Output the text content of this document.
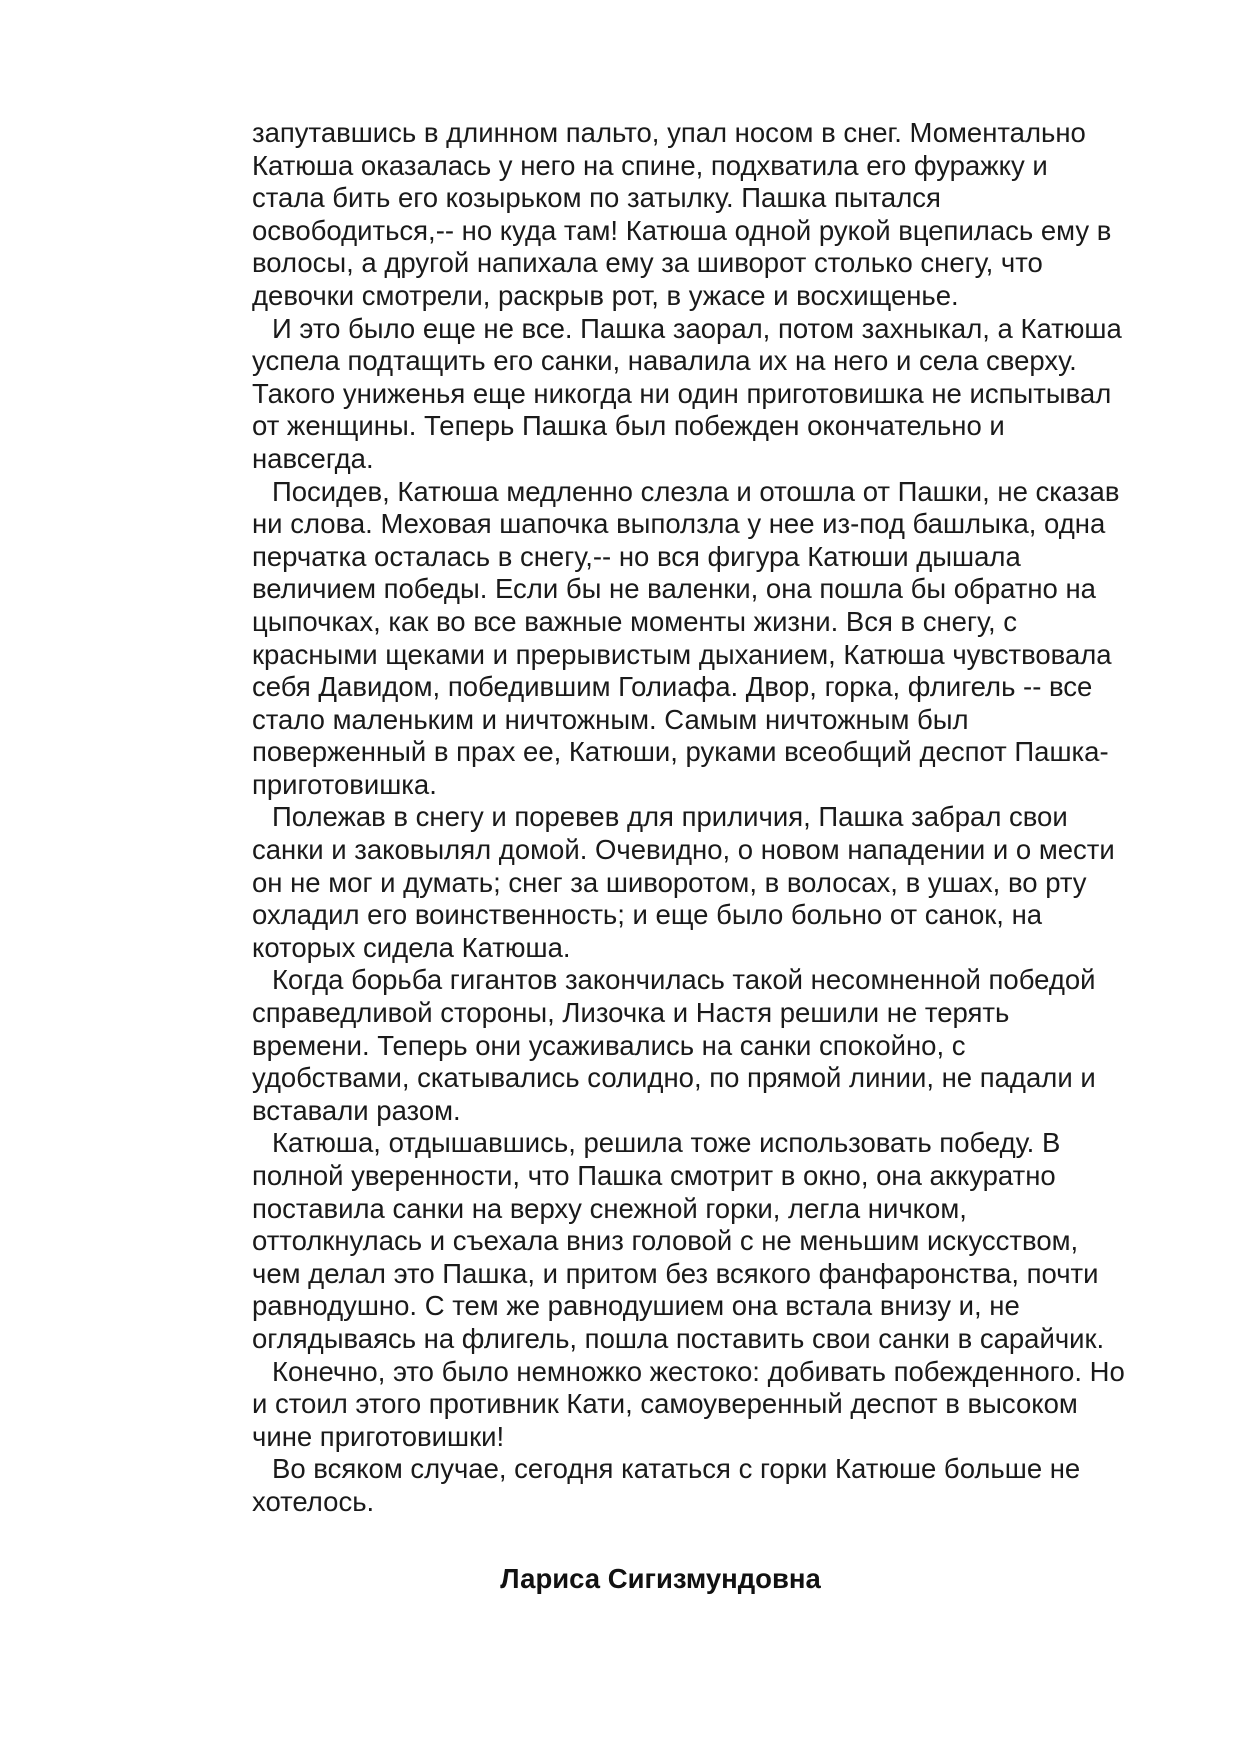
запутавшись в длинном пальто, упал носом в снег. Моментально
Катюша оказалась у него на спине, подхватила его фуражку и
стала бить его козырьком по затылку. Пашка пытался
освободиться,-- но куда там! Катюша одной рукой вцепилась ему в
волосы, а другой напихала ему за шиворот столько снегу, что
девочки смотрели, раскрыв рот, в ужасе и восхищенье.
И это было еще не все. Пашка заорал, потом захныкал, а Катюша
успела подтащить его санки, навалила их на него и села сверху.
Такого униженья еще никогда ни один приготовишка не испытывал
от женщины. Теперь Пашка был побежден окончательно и
навсегда.
Посидев, Катюша медленно слезла и отошла от Пашки, не сказав
ни слова. Меховая шапочка выползла у нее из-под башлыка, одна
перчатка осталась в снегу,-- но вся фигура Катюши дышала
величием победы. Если бы не валенки, она пошла бы обратно на
цыпочках, как во все важные моменты жизни. Вся в снегу, с
красными щеками и прерывистым дыханием, Катюша чувствовала
себя Давидом, победившим Голиафа. Двор, горка, флигель -- все
стало маленьким и ничтожным. Самым ничтожным был
поверженный в прах ее, Катюши, руками всеобщий деспот Пашка-
приготовишка.
Полежав в снегу и поревев для приличия, Пашка забрал свои
санки и заковылял домой. Очевидно, о новом нападении и о мести
он не мог и думать; снег за шиворотом, в волосах, в ушах, во рту
охладил его воинственность; и еще было больно от санок, на
которых сидела Катюша.
Когда борьба гигантов закончилась такой несомненной победой
справедливой стороны, Лизочка и Настя решили не терять
времени. Теперь они усаживались на санки спокойно, с
удобствами, скатывались солидно, по прямой линии, не падали и
вставали разом.
Катюша, отдышавшись, решила тоже использовать победу. В
полной уверенности, что Пашка смотрит в окно, она аккуратно
поставила санки на верху снежной горки, легла ничком,
оттолкнулась и съехала вниз головой с не меньшим искусством,
чем делал это Пашка, и притом без всякого фанфаронства, почти
равнодушно. С тем же равнодушием она встала внизу и, не
оглядываясь на флигель, пошла поставить свои санки в сарайчик.
Конечно, это было немножко жестоко: добивать побежденного. Но
и стоил этого противник Кати, самоуверенный деспот в высоком
чине приготовишки!
Во всяком случае, сегодня кататься с горки Катюше больше не
хотелось.
Лариса Сигизмундовна
